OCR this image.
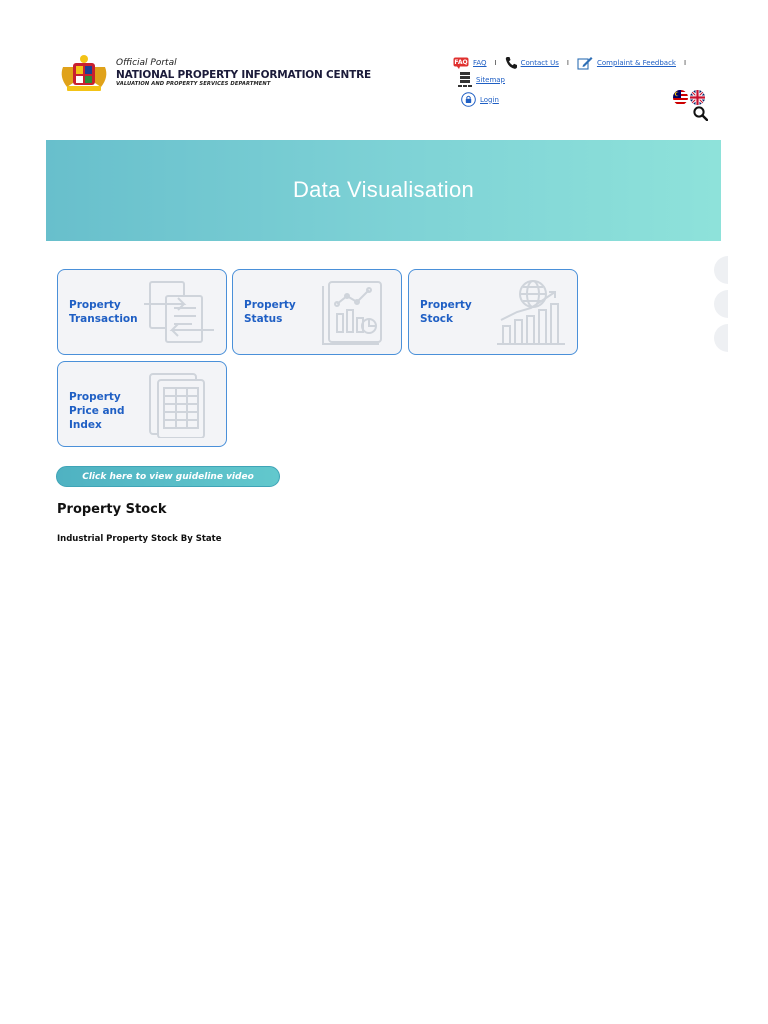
Official Portal
NATIONAL PROPERTY INFORMATION CENTRE
VALUATION AND PROPERTY SERVICES DEPARTMENT
FAQ FAQ I	Contact Us I	Complaint & Feedback I
Sitemap
Login
Data Visualisation
Property Transaction
Property Status
Property Stock
Property Price and Index
Click here to view guideline video
Property Stock
Industrial Property Stock By State
